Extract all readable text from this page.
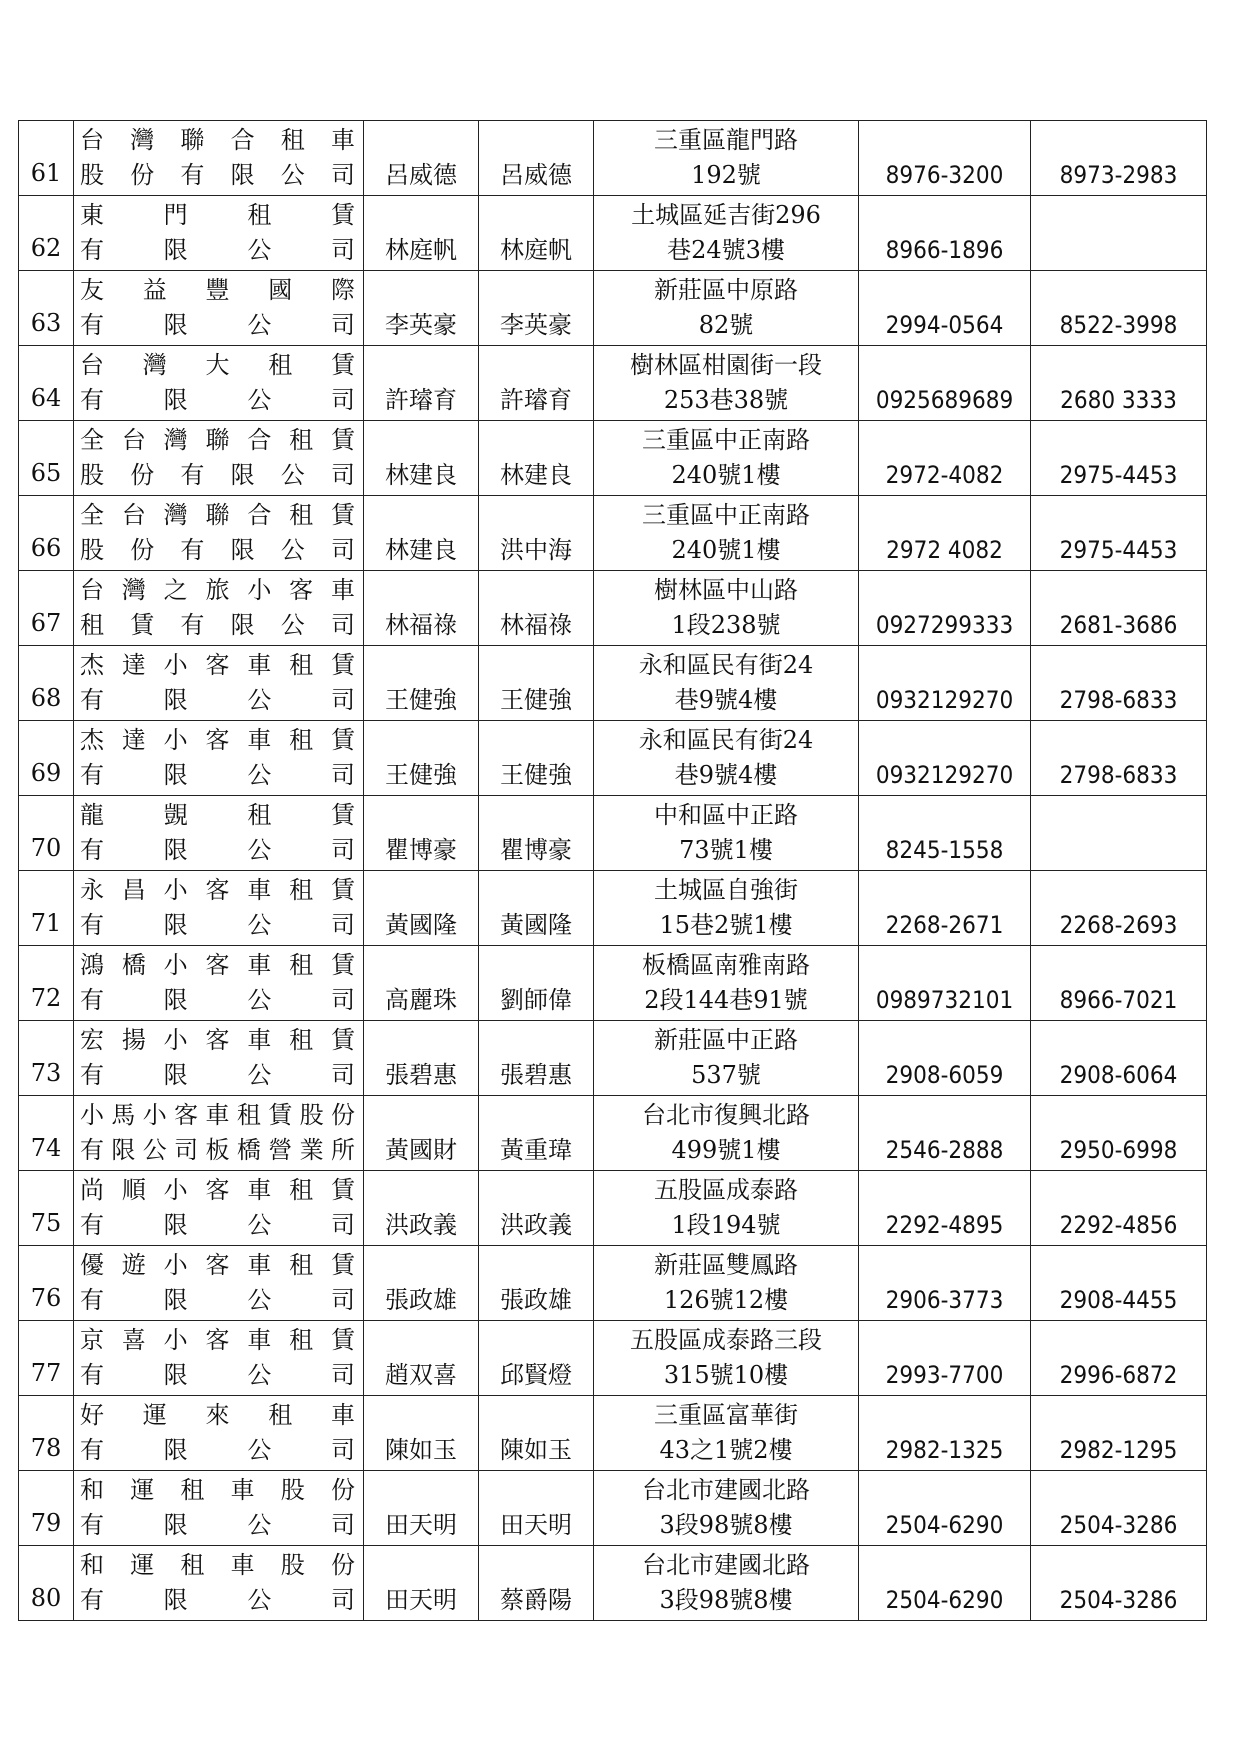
61	台灣聯合租車
股份有限公司	呂威德	呂威德	三重區龍門路
192號	8976-3200	8973-2983
62	東門租賃
有限公司	林庭帆	林庭帆	土城區延吉街296
巷24號3樓	8966-1896	
63	友益豐國際
有限公司	李英豪	李英豪	新莊區中原路
82號	2994-0564	8522-3998
64	台灣大租賃
有限公司	許璿育	許璿育	樹林區柑園街一段
253巷38號	0925689689	2680 3333
65	全台灣聯合租賃
股份有限公司	林建良	林建良	三重區中正南路
240號1樓	2972-4082	2975-4453
66	全台灣聯合租賃
股份有限公司	林建良	洪中海	三重區中正南路
240號1樓	2972 4082	2975-4453
67	台灣之旅小客車
租賃有限公司	林福祿	林福祿	樹林區中山路
1段238號	0927299333	2681-3686
68	杰達小客車租賃
有限公司	王健強	王健強	永和區民有街24
巷9號4樓	0932129270	2798-6833
69	杰達小客車租賃
有限公司	王健強	王健強	永和區民有街24
巷9號4樓	0932129270	2798-6833
70	龍覬租賃
有限公司	瞿博豪	瞿博豪	中和區中正路
73號1樓	8245-1558	
71	永昌小客車租賃
有限公司	黃國隆	黃國隆	土城區自強街
15巷2號1樓	2268-2671	2268-2693
72	鴻橋小客車租賃
有限公司	高麗珠	劉師偉	板橋區南雅南路
2段144巷91號	0989732101	8966-7021
73	宏揚小客車租賃
有限公司	張碧惠	張碧惠	新莊區中正路
537號	2908-6059	2908-6064
74	小馬小客車租賃股份
有限公司板橋營業所	黃國財	黃重瑋	台北市復興北路
499號1樓	2546-2888	2950-6998
75	尚順小客車租賃
有限公司	洪政義	洪政義	五股區成泰路
1段194號	2292-4895	2292-4856
76	優遊小客車租賃
有限公司	張政雄	張政雄	新莊區雙鳳路
126號12樓	2906-3773	2908-4455
77	京喜小客車租賃
有限公司	趙双喜	邱賢燈	五股區成泰路三段
315號10樓	2993-7700	2996-6872
78	好運來租車
有限公司	陳如玉	陳如玉	三重區富華街
43之1號2樓	2982-1325	2982-1295
79	和運租車股份
有限公司	田天明	田天明	台北市建國北路
3段98號8樓	2504-6290	2504-3286
80	和運租車股份
有限公司	田天明	蔡爵陽	台北市建國北路
3段98號8樓	2504-6290	2504-3286
